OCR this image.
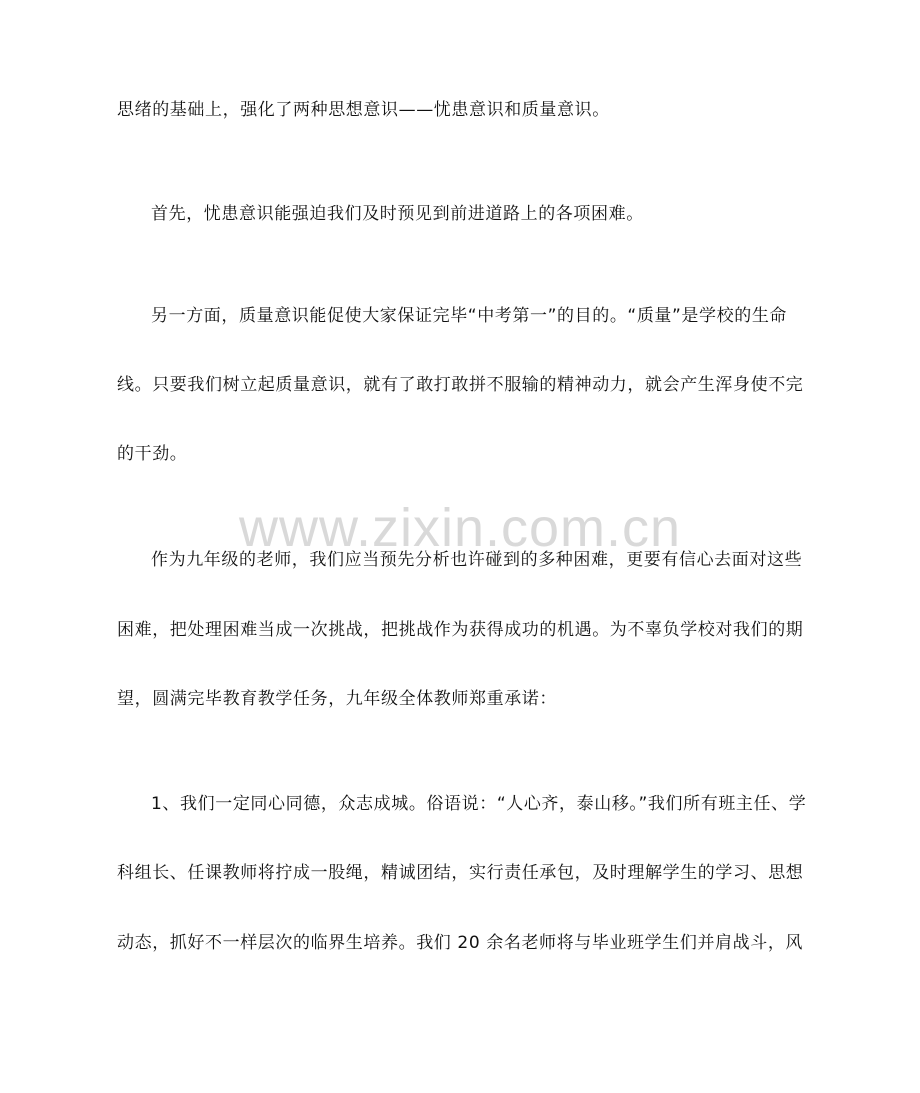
www.zixin.com.cn
思绪的基础上，强化了两种思想意识——忧患意识和质量意识。
首先，忧患意识能强迫我们及时预见到前进道路上的各项困难。
另一方面，质量意识能促使大家保证完毕“中考第一”的目的。“质量”是学校的生命
线。只要我们树立起质量意识，就有了敢打敢拼不服输的精神动力，就会产生浑身使不完
的干劲。
作为九年级的老师，我们应当预先分析也许碰到的多种困难，更要有信心去面对这些
困难，把处理困难当成一次挑战，把挑战作为获得成功的机遇。为不辜负学校对我们的期
望，圆满完毕教育教学任务，九年级全体教师郑重承诺：
1、我们一定同心同德，众志成城。俗语说：“人心齐，泰山移。”我们所有班主任、学
科组长、任课教师将拧成一股绳，精诚团结，实行责任承包，及时理解学生的学习、思想
动态，抓好不一样层次的临界生培养。我们 20 余名老师将与毕业班学生们并肩战斗，风
